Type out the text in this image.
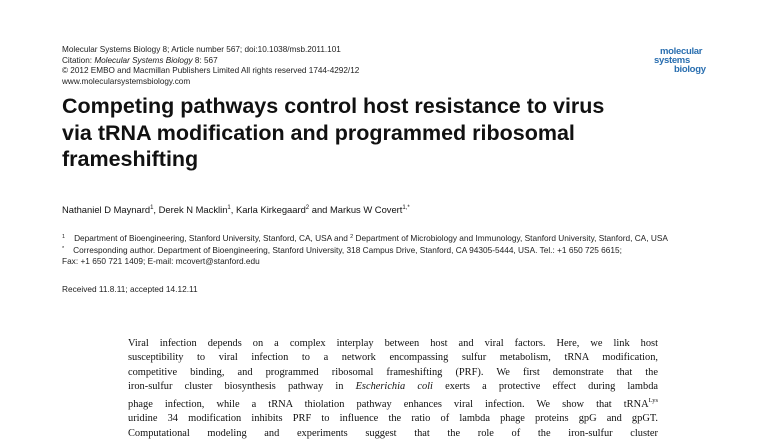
Molecular Systems Biology 8; Article number 567; doi:10.1038/msb.2011.101
Citation: Molecular Systems Biology 8: 567
© 2012 EMBO and Macmillan Publishers Limited All rights reserved 1744-4292/12
www.molecularsystemsbiology.com
molecular
systems
biology
Competing pathways control host resistance to virus
via tRNA modification and programmed ribosomal
frameshifting
Nathaniel D Maynard$^1$, Derek N Macklin$^1$, Karla Kirkegaard$^2$ and Markus W Covert$^{1,*}$
$^1$ Department of Bioengineering, Stanford University, Stanford, CA, USA and $^2$ Department of Microbiology and Immunology, Stanford University, Stanford, CA, USA
* Corresponding author. Department of Bioengineering, Stanford University, 318 Campus Drive, Stanford, CA 94305-5444, USA. Tel.: +1 650 725 6615;
Fax: +1 650 721 1409; E-mail: mcovert@stanford.edu
Received 11.8.11; accepted 14.12.11
Viral infection depends on a complex interplay between host and viral factors. Here, we link host
susceptibility to viral infection to a network encompassing sulfur metabolism, tRNA modification,
competitive binding, and programmed ribosomal frameshifting (PRF). We first demonstrate that the
iron-sulfur cluster biosynthesis pathway in Escherichia coli exerts a protective effect during lambda
phage infection, while a tRNA thiolation pathway enhances viral infection. We show that tRNA$^{Lys}$
uridine 34 modification inhibits PRF to influence the ratio of lambda phage proteins gpG and gpGT.
Computational modeling and experiments suggest that the role of the iron-sulfur cluster
